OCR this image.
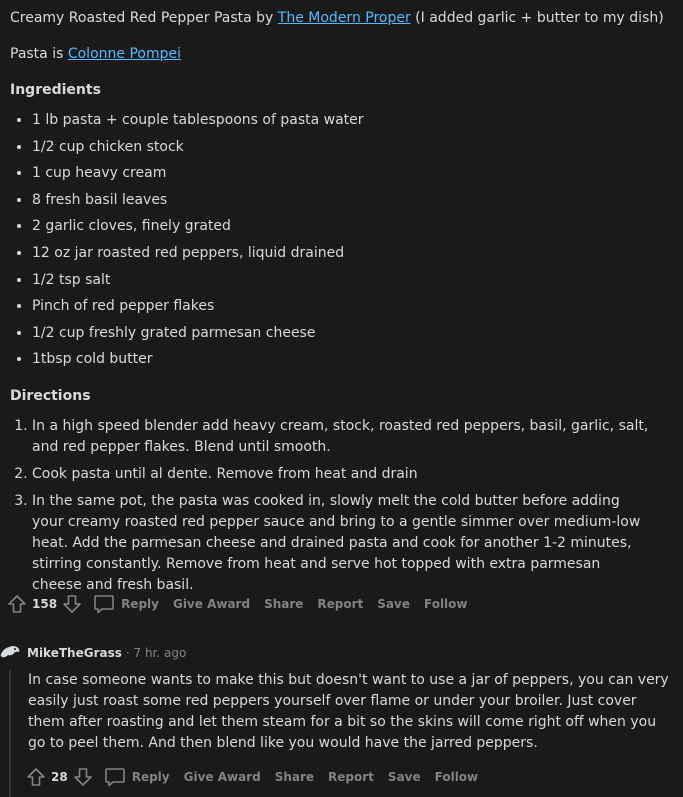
Creamy Roasted Red Pepper Pasta by The Modern Proper (I added garlic + butter to my dish)

Pasta is Colonne Pompei

Ingredients
• 1 lb pasta + couple tablespoons of pasta water
• 1/2 cup chicken stock
• 1 cup heavy cream
• 8 fresh basil leaves
• 2 garlic cloves, finely grated
• 12 oz jar roasted red peppers, liquid drained
• 1/2 tsp salt
• Pinch of red pepper flakes
• 1/2 cup freshly grated parmesan cheese
• 1tbsp cold butter
Directions
1. In a high speed blender add heavy cream, stock, roasted red peppers, basil, garlic, salt, and red pepper flakes. Blend until smooth.
2. Cook pasta until al dente. Remove from heat and drain
3. In the same pot, the pasta was cooked in, slowly melt the cold butter before adding your creamy roasted red pepper sauce and bring to a gentle simmer over medium-low heat. Add the parmesan cheese and drained pasta and cook for another 1-2 minutes, stirring constantly. Remove from heat and serve hot topped with extra parmesan cheese and fresh basil.
158	Reply Give Award Share Report Save Follow
MikeTheGrass · 7 hr. ago

In case someone wants to make this but doesn't want to use a jar of peppers, you can very easily just roast some red peppers yourself over flame or under your broiler. Just cover them after roasting and let them steam for a bit so the skins will come right off when you go to peel them. And then blend like you would have the jarred peppers.

28	Reply Give Award Share Report Save Follow
